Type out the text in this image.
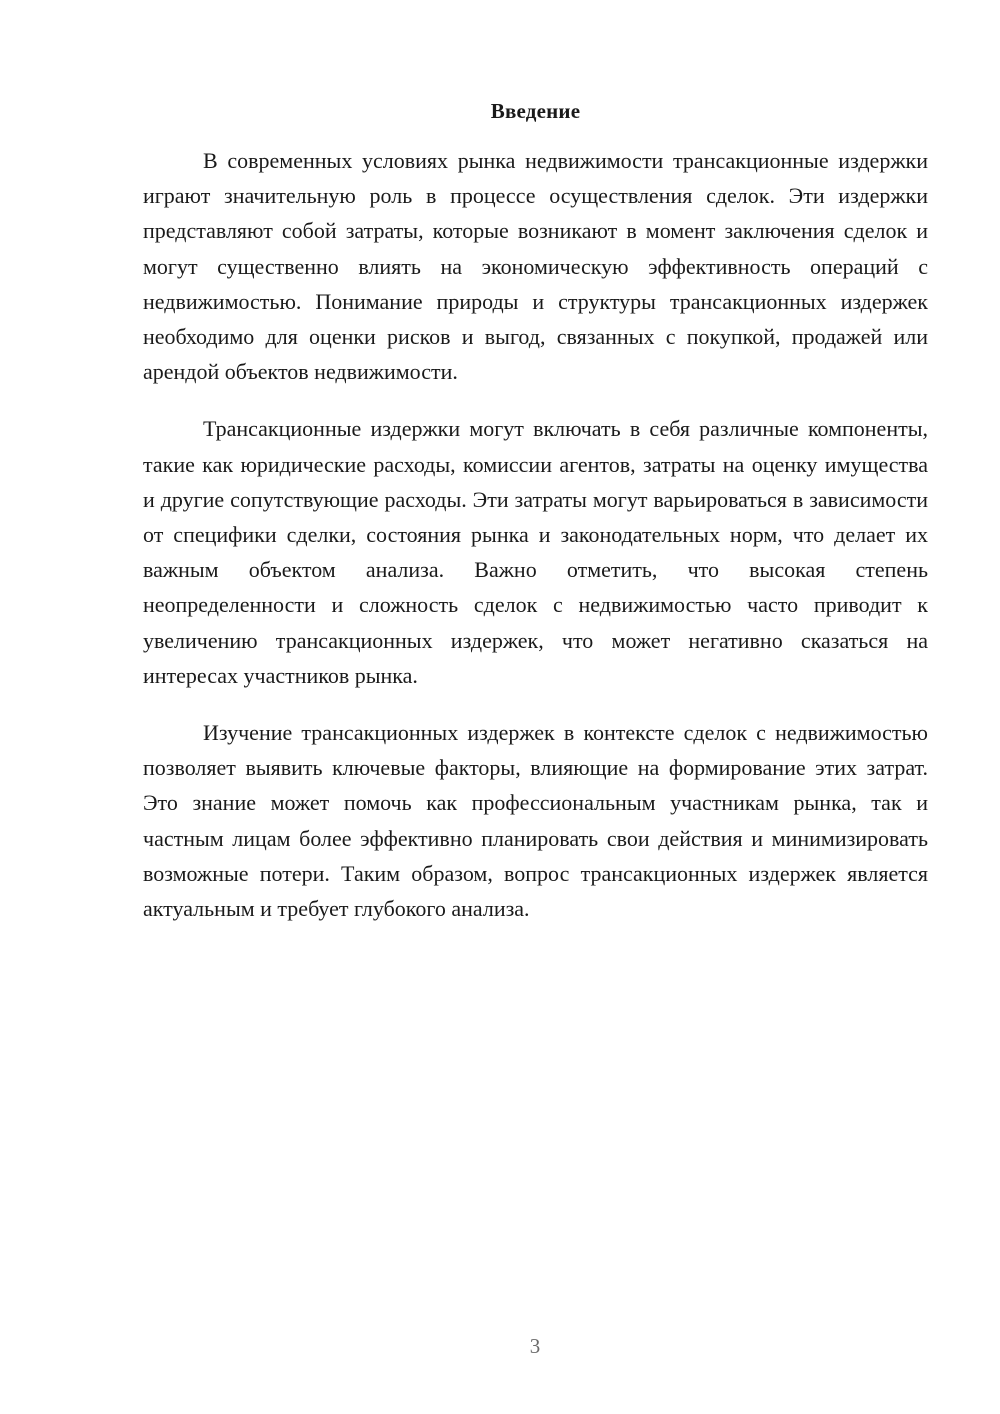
Введение

В современных условиях рынка недвижимости трансакционные издержки играют значительную роль в процессе осуществления сделок. Эти издержки представляют собой затраты, которые возникают в момент заключения сделок и могут существенно влиять на экономическую эффективность операций с недвижимостью. Понимание природы и структуры трансакционных издержек необходимо для оценки рисков и выгод, связанных с покупкой, продажей или арендой объектов недвижимости.

Трансакционные издержки могут включать в себя различные компоненты, такие как юридические расходы, комиссии агентов, затраты на оценку имущества и другие сопутствующие расходы. Эти затраты могут варьироваться в зависимости от специфики сделки, состояния рынка и законодательных норм, что делает их важным объектом анализа. Важно отметить, что высокая степень неопределенности и сложность сделок с недвижимостью часто приводит к увеличению трансакционных издержек, что может негативно сказаться на интересах участников рынка.

Изучение трансакционных издержек в контексте сделок с недвижимостью позволяет выявить ключевые факторы, влияющие на формирование этих затрат. Это знание может помочь как профессиональным участникам рынка, так и частным лицам более эффективно планировать свои действия и минимизировать возможные потери. Таким образом, вопрос трансакционных издержек является актуальным и требует глубокого анализа.

3
